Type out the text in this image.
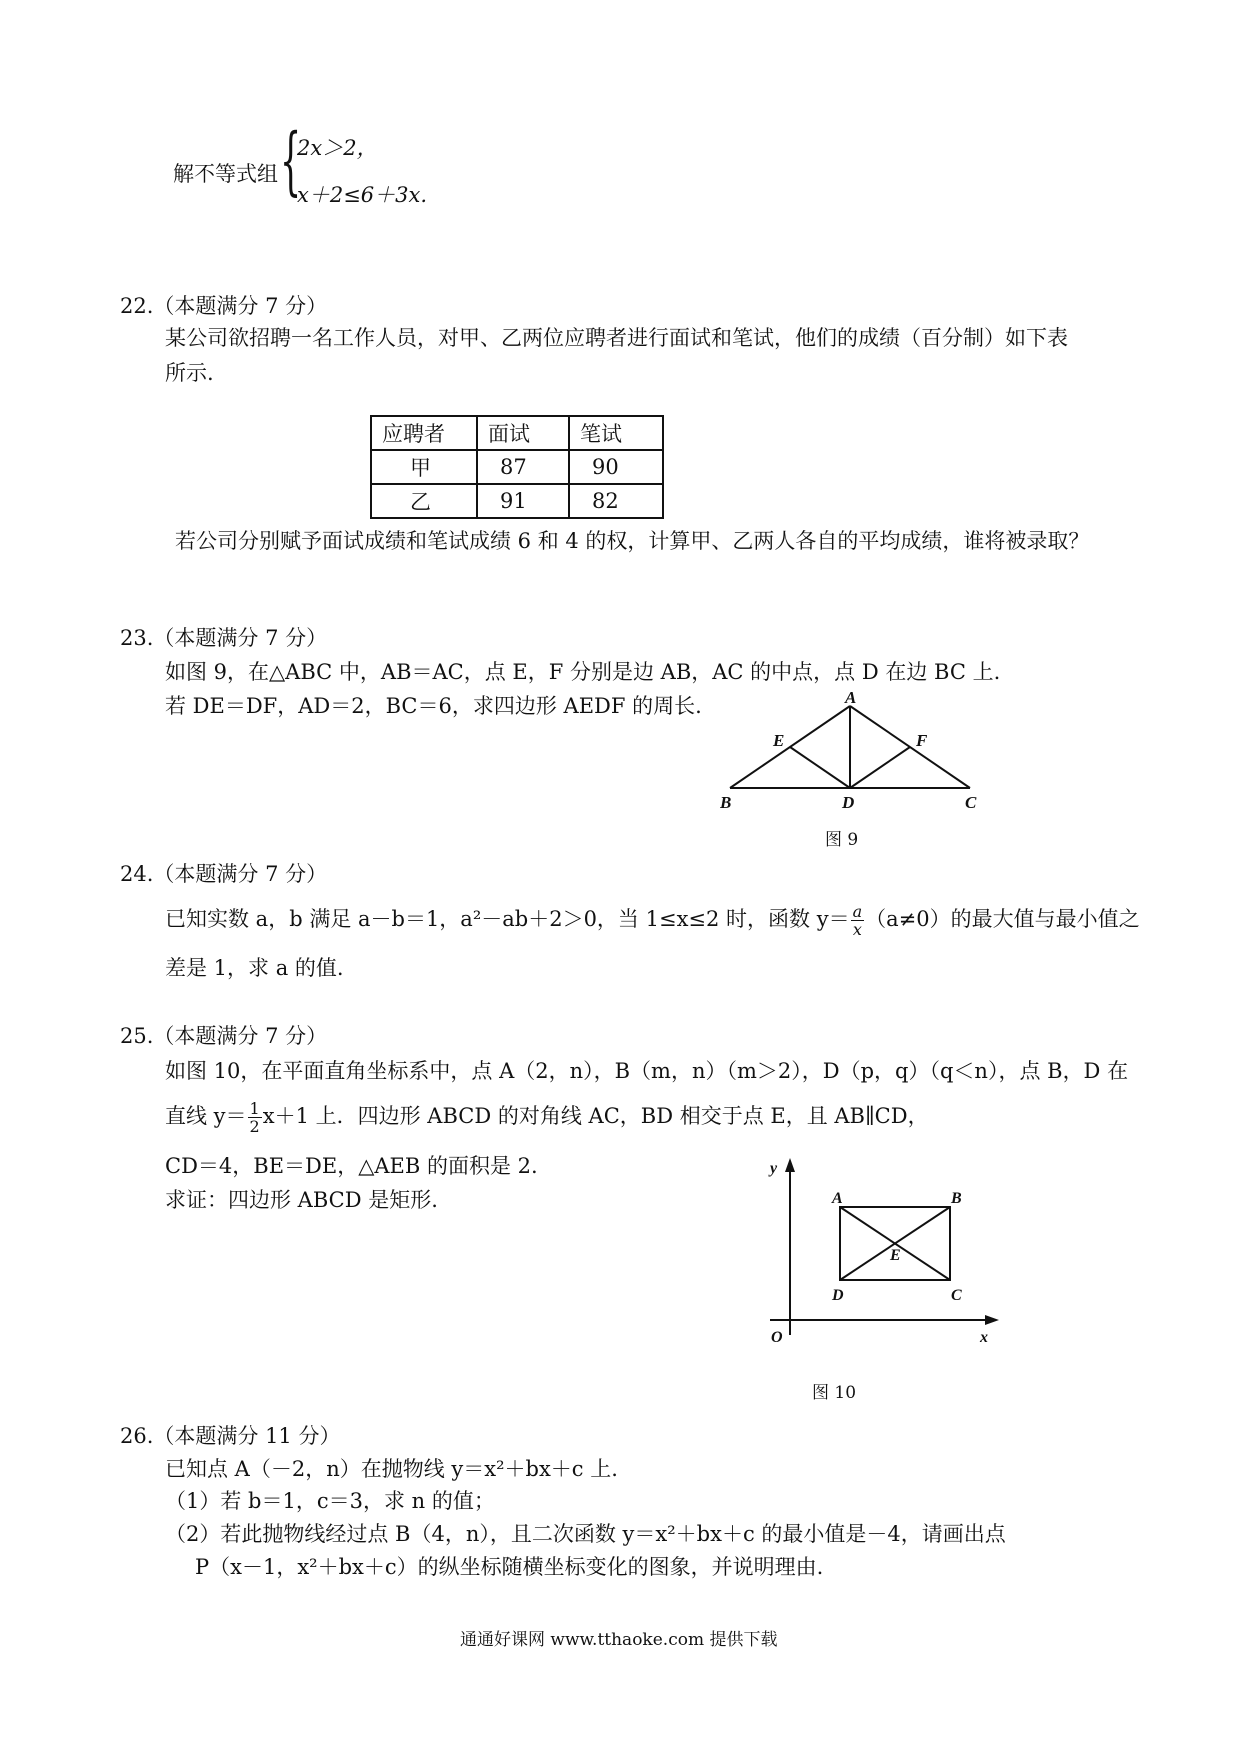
解不等式组 {
2x＞2，
x＋2≤6＋3x.
22.（本题满分 7 分）
某公司欲招聘一名工作人员，对甲、乙两位应聘者进行面试和笔试，他们的成绩（百分制）如下表
所示.
应聘者	面试	笔试
甲	87	90
乙	91	82
若公司分别赋予面试成绩和笔试成绩 6 和 4 的权，计算甲、乙两人各自的平均成绩，谁将被录取？
23.（本题满分 7 分）
如图 9，在△ABC 中，AB＝AC，点 E，F 分别是边 AB，AC 的中点，点 D 在边 BC 上.
若 DE＝DF，AD＝2，BC＝6，求四边形 AEDF 的周长.	A
E	F
B	D	C
图 9
24.（本题满分 7 分）
已知实数 a，b 满足 a－b＝1，a²－ab＋2＞0，当 1≤x≤2 时，函数 $y= \frac{a}{x} (a\ne 0)$的最大值与最小值之
差是 1，求 a 的值.
25.（本题满分 7 分）
如图 10，在平面直角坐标系中，点 A（2，n），B（m，n）（m＞2），D（p，q）（q＜n），点 B，D 在
直线 $y= \frac{1}{2} x+1$ 上．四边形 ABCD 的对角线 AC，BD 相交于点 E，且 AB∥CD，
CD＝4，BE＝DE，△AEB 的面积是 2.
求证：四边形 ABCD 是矩形.
y
x
O
A	B
E
D	C
图 10
26.（本题满分 11 分）
已知点 A（－2，n）在抛物线 y＝x²＋bx＋c 上.
（1）若 b＝1，c＝3，求 n 的值；
（2）若此抛物线经过点 B（4，n），且二次函数 y＝x²＋bx＋c 的最小值是－4，请画出点
P（x－1，x²＋bx＋c）的纵坐标随横坐标变化的图象，并说明理由.
通通好课网 www.tthaoke.com 提供下载
